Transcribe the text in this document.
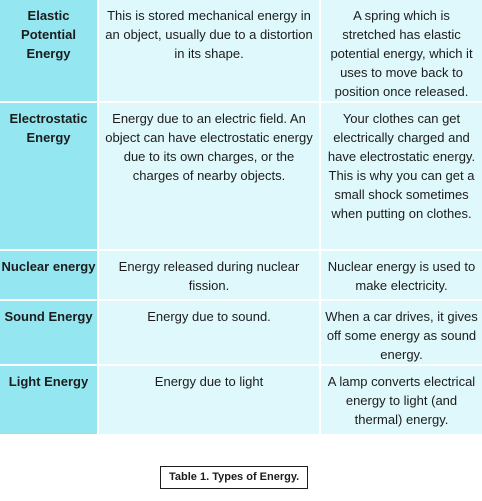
Elastic Potential Energy	This is stored mechanical energy in an object, usually due to a distortion in its shape.	A spring which is stretched has elastic potential energy, which it uses to move back to position once released.
Electrostatic Energy	Energy due to an electric field. An object can have electrostatic energy due to its own charges, or the charges of nearby objects.	Your clothes can get electrically charged and have electrostatic energy. This is why you can get a small shock sometimes when putting on clothes.
Nuclear energy	Energy released during nuclear fission.	Nuclear energy is used to make electricity.
Sound Energy	Energy due to sound.	When a car drives, it gives off some energy as sound energy.
Light Energy	Energy due to light	A lamp converts electrical energy to light (and thermal) energy.
Table 1. Types of Energy.
